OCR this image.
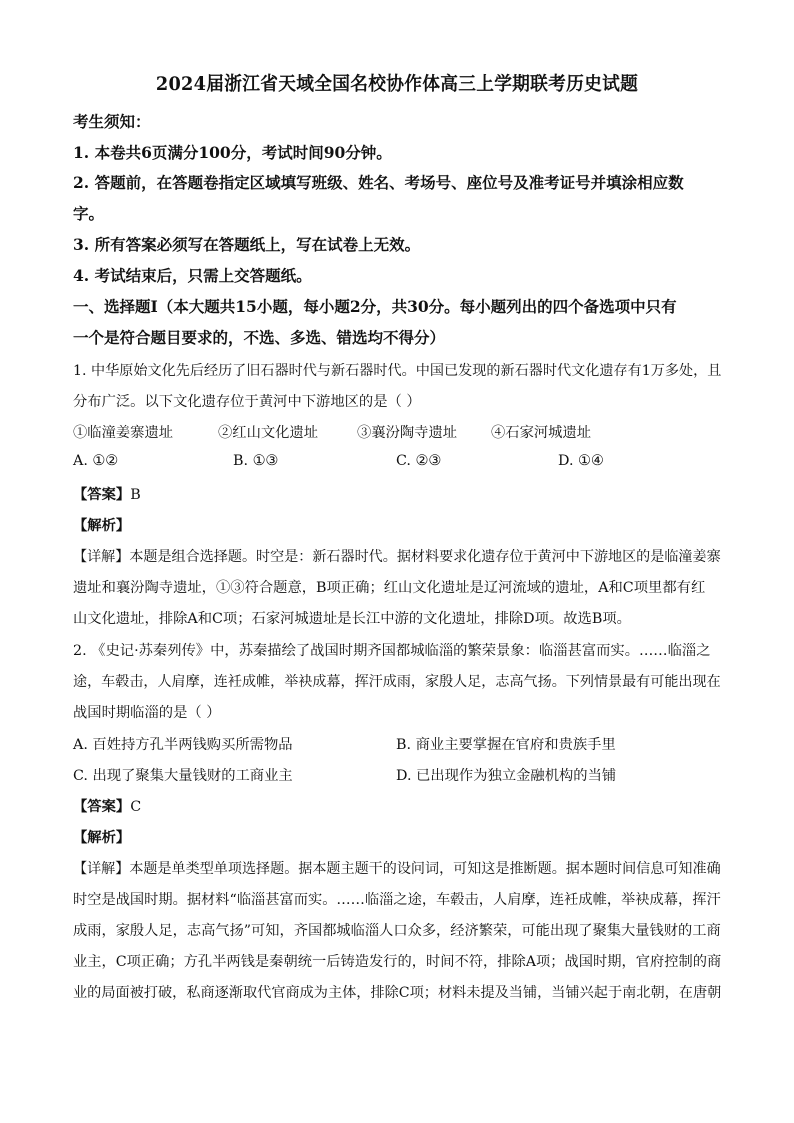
2024届浙江省天域全国名校协作体高三上学期联考历史试题
考生须知：
1. 本卷共6页满分100分，考试时间90分钟。
2. 答题前，在答题卷指定区域填写班级、姓名、考场号、座位号及准考证号并填涂相应数
字。
3. 所有答案必须写在答题纸上，写在试卷上无效。
4. 考试结束后，只需上交答题纸。
一、选择题Ⅰ（本大题共15小题，每小题2分，共30分。每小题列出的四个备选项中只有
一个是符合题目要求的，不选、多选、错选均不得分）
1. 中华原始文化先后经历了旧石器时代与新石器时代。中国已发现的新石器时代文化遗存有1万多处，且
分布广泛。以下文化遗存位于黄河中下游地区的是（ ）
①临潼姜寨遗址	②红山文化遗址	③襄汾陶寺遗址 ④石家河城遗址
A. ①②	B. ①③	C. ②③	D. ①④
【答案】B
【解析】
【详解】本题是组合选择题。时空是：新石器时代。据材料要求化遗存位于黄河中下游地区的是临潼姜寨
遗址和襄汾陶寺遗址，①③符合题意，B项正确；红山文化遗址是辽河流域的遗址，A和C项里都有红
山文化遗址，排除A和C项；石家河城遗址是长江中游的文化遗址，排除D项。故选B项。
2. 《史记·苏秦列传》中，苏秦描绘了战国时期齐国都城临淄的繁荣景象：临淄甚富而实。……临淄之
途，车毂击，人肩摩，连衽成帷，举袂成幕，挥汗成雨，家殷人足，志高气扬。下列情景最有可能出现在
战国时期临淄的是（ ）
A. 百姓持方孔半两钱购买所需物品	B. 商业主要掌握在官府和贵族手里
C. 出现了聚集大量钱财的工商业主	D. 已出现作为独立金融机构的当铺
【答案】C
【解析】
【详解】本题是单类型单项选择题。据本题主题干的设问词，可知这是推断题。据本题时间信息可知准确
时空是战国时期。据材料“临淄甚富而实。……临淄之途，车毂击，人肩摩，连衽成帷，举袂成幕，挥汗
成雨，家殷人足，志高气扬”可知，齐国都城临淄人口众多，经济繁荣，可能出现了聚集大量钱财的工商
业主，C项正确；方孔半两钱是秦朝统一后铸造发行的，时间不符，排除A项；战国时期，官府控制的商
业的局面被打破，私商逐渐取代官商成为主体，排除C项；材料未提及当铺，当铺兴起于南北朝，在唐朝
